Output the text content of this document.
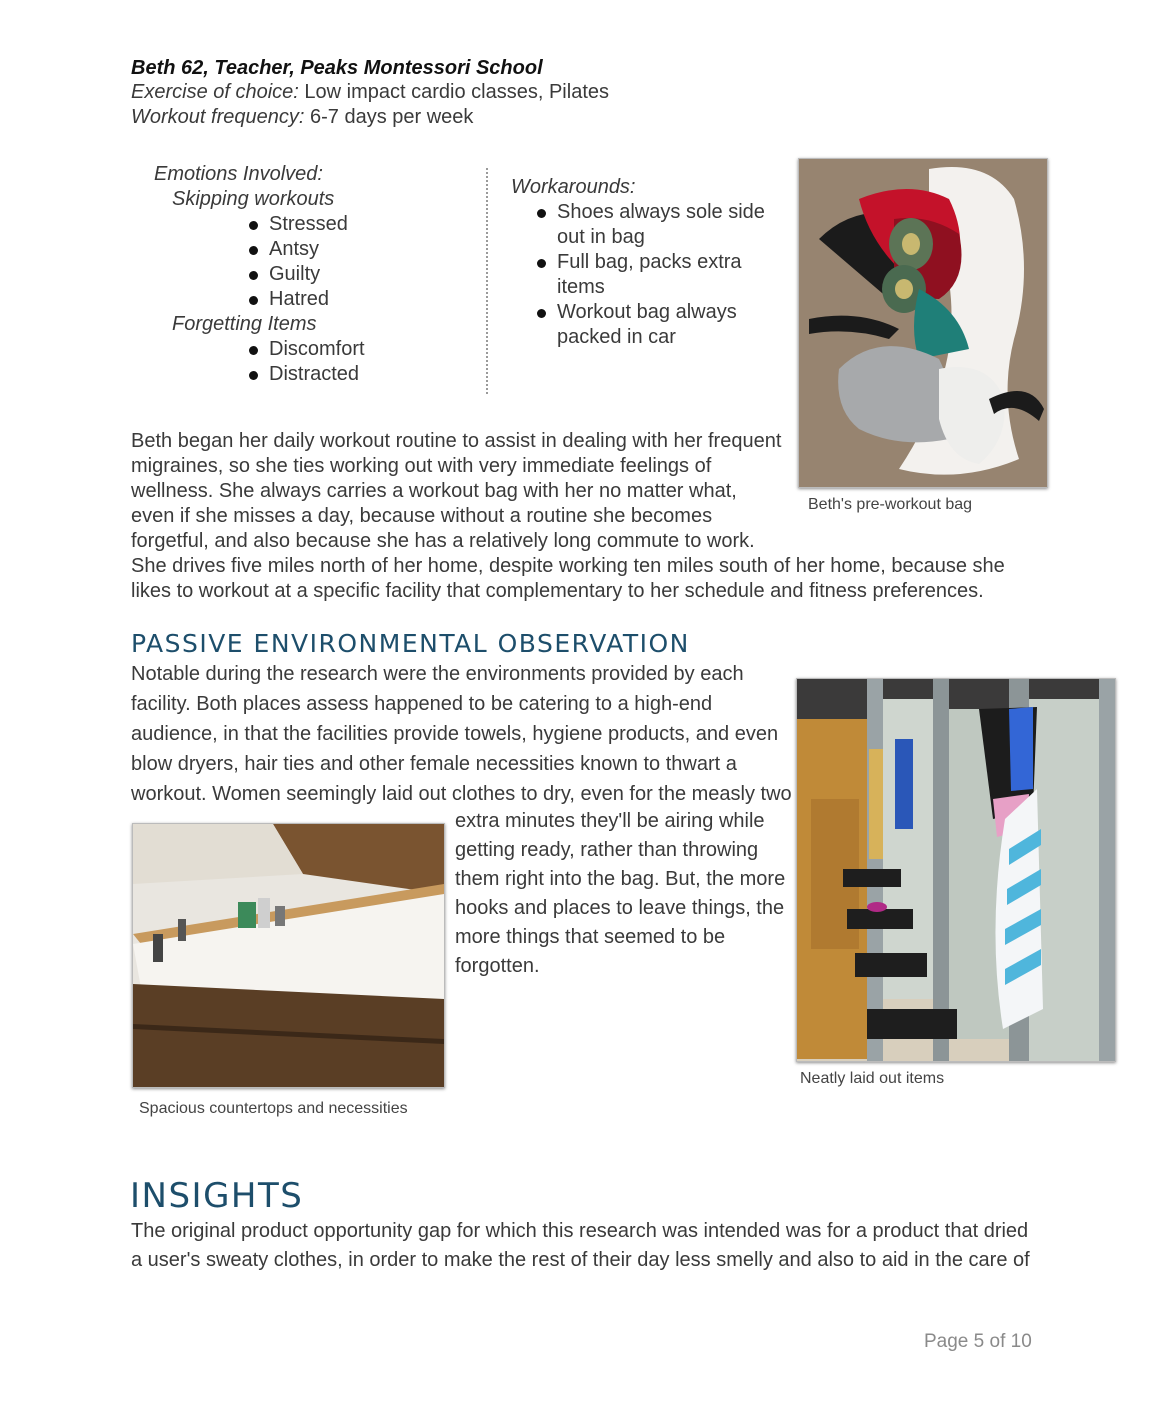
Beth 62, Teacher, Peaks Montessori School
Exercise of choice: Low impact cardio classes, Pilates
Workout frequency: 6-7 days per week
Emotions Involved:
Skipping workouts
Stressed
Antsy
Guilty
Hatred
Forgetting Items
Discomfort
Distracted
Workarounds:
Shoes always sole side out in bag
Full bag, packs extra items
Workout bag always packed in car
Beth's pre-workout bag
Beth began her daily workout routine to assist in dealing with her frequent
migraines, so she ties working out with very immediate feelings of
wellness. She always carries a workout bag with her no matter what,
even if she misses a day, because without a routine she becomes
forgetful, and also because she has a relatively long commute to work.
She drives five miles north of her home, despite working ten miles south of her home, because she
likes to workout at a specific facility that complementary to her schedule and fitness preferences.
PASSIVE ENVIRONMENTAL OBSERVATION
Notable during the research were the environments provided by each
facility. Both places assess happened to be catering to a high-end
audience, in that the facilities provide towels, hygiene products, and even
blow dryers, hair ties and other female necessities known to thwart a
workout. Women seemingly laid out clothes to dry, even for the measly two
extra minutes they'll be airing while
getting ready, rather than throwing
them right into the bag. But, the more
hooks and places to leave things, the
more things that seemed to be
forgotten.
Neatly laid out items
Spacious countertops and necessities
INSIGHTS
The original product opportunity gap for which this research was intended was for a product that dried
a user's sweaty clothes, in order to make the rest of their day less smelly and also to aid in the care of
Page 5 of 10
